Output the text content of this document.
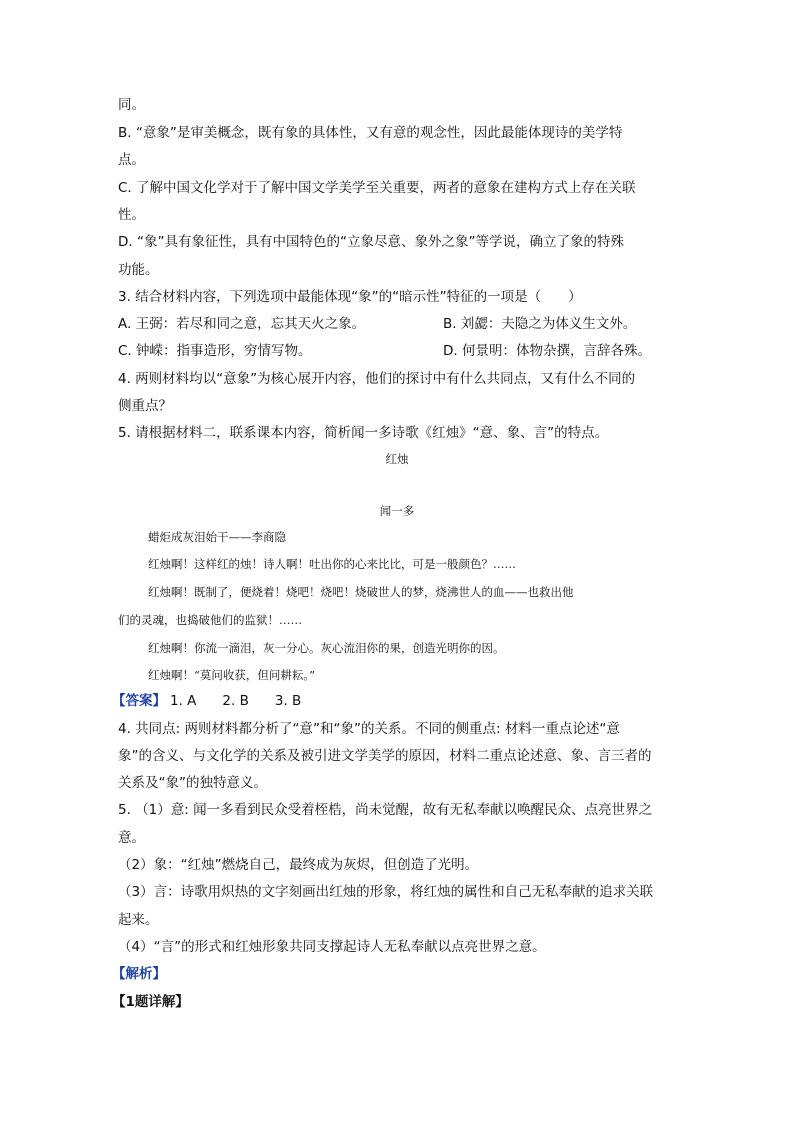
同。
B. “意象”是审美概念，既有象的具体性，又有意的观念性，因此最能体现诗的美学特
点。
C. 了解中国文化学对于了解中国文学美学至关重要，两者的意象在建构方式上存在关联
性。
D. “象”具有象征性，具有中国特色的“立象尽意、象外之象”等学说，确立了象的特殊
功能。
3. 结合材料内容，下列选项中最能体现“象”的“暗示性”特征的一项是（　　）
A. 王弼：若尽和同之意，忘其天火之象。	B. 刘勰：夫隐之为体义生文外。
C. 钟嵘：指事造形，穷情写物。	D. 何景明：体物杂撰，言辞各殊。
4. 两则材料均以“意象”为核心展开内容，他们的探讨中有什么共同点，又有什么不同的
侧重点？
5. 请根据材料二，联系课本内容，简析闻一多诗歌《红烛》“意、象、言”的特点。
红烛
闻一多
蜡炬成灰泪始干——李商隐
红烛啊！这样红的烛！诗人啊！吐出你的心来比比，可是一般颜色？……
红烛啊！既制了，便烧着！烧吧！烧吧！烧破世人的梦，烧沸世人的血——也救出他
们的灵魂，也捣破他们的监狱！……
红烛啊！你流一滴泪，灰一分心。灰心流泪你的果，创造光明你的因。
红烛啊！“莫问收获，但问耕耘。”
【答案】 1. A 2. B 3. B
4. 共同点: 两则材料都分析了“意”和“象”的关系。不同的侧重点: 材料一重点论述“意
象”的含义、与文化学的关系及被引进文学美学的原因，材料二重点论述意、象、言三者的
关系及“象”的独特意义。
5. （1）意: 闻一多看到民众受着桎梏，尚未觉醒，故有无私奉献以唤醒民众、点亮世界之
意。
（2）象：“红烛”燃烧自己，最终成为灰烬，但创造了光明。
（3）言：诗歌用炽热的文字刻画出红烛的形象，将红烛的属性和自己无私奉献的追求关联
起来。
（4）“言”的形式和红烛形象共同支撑起诗人无私奉献以点亮世界之意。
【解析】
【1题详解】
